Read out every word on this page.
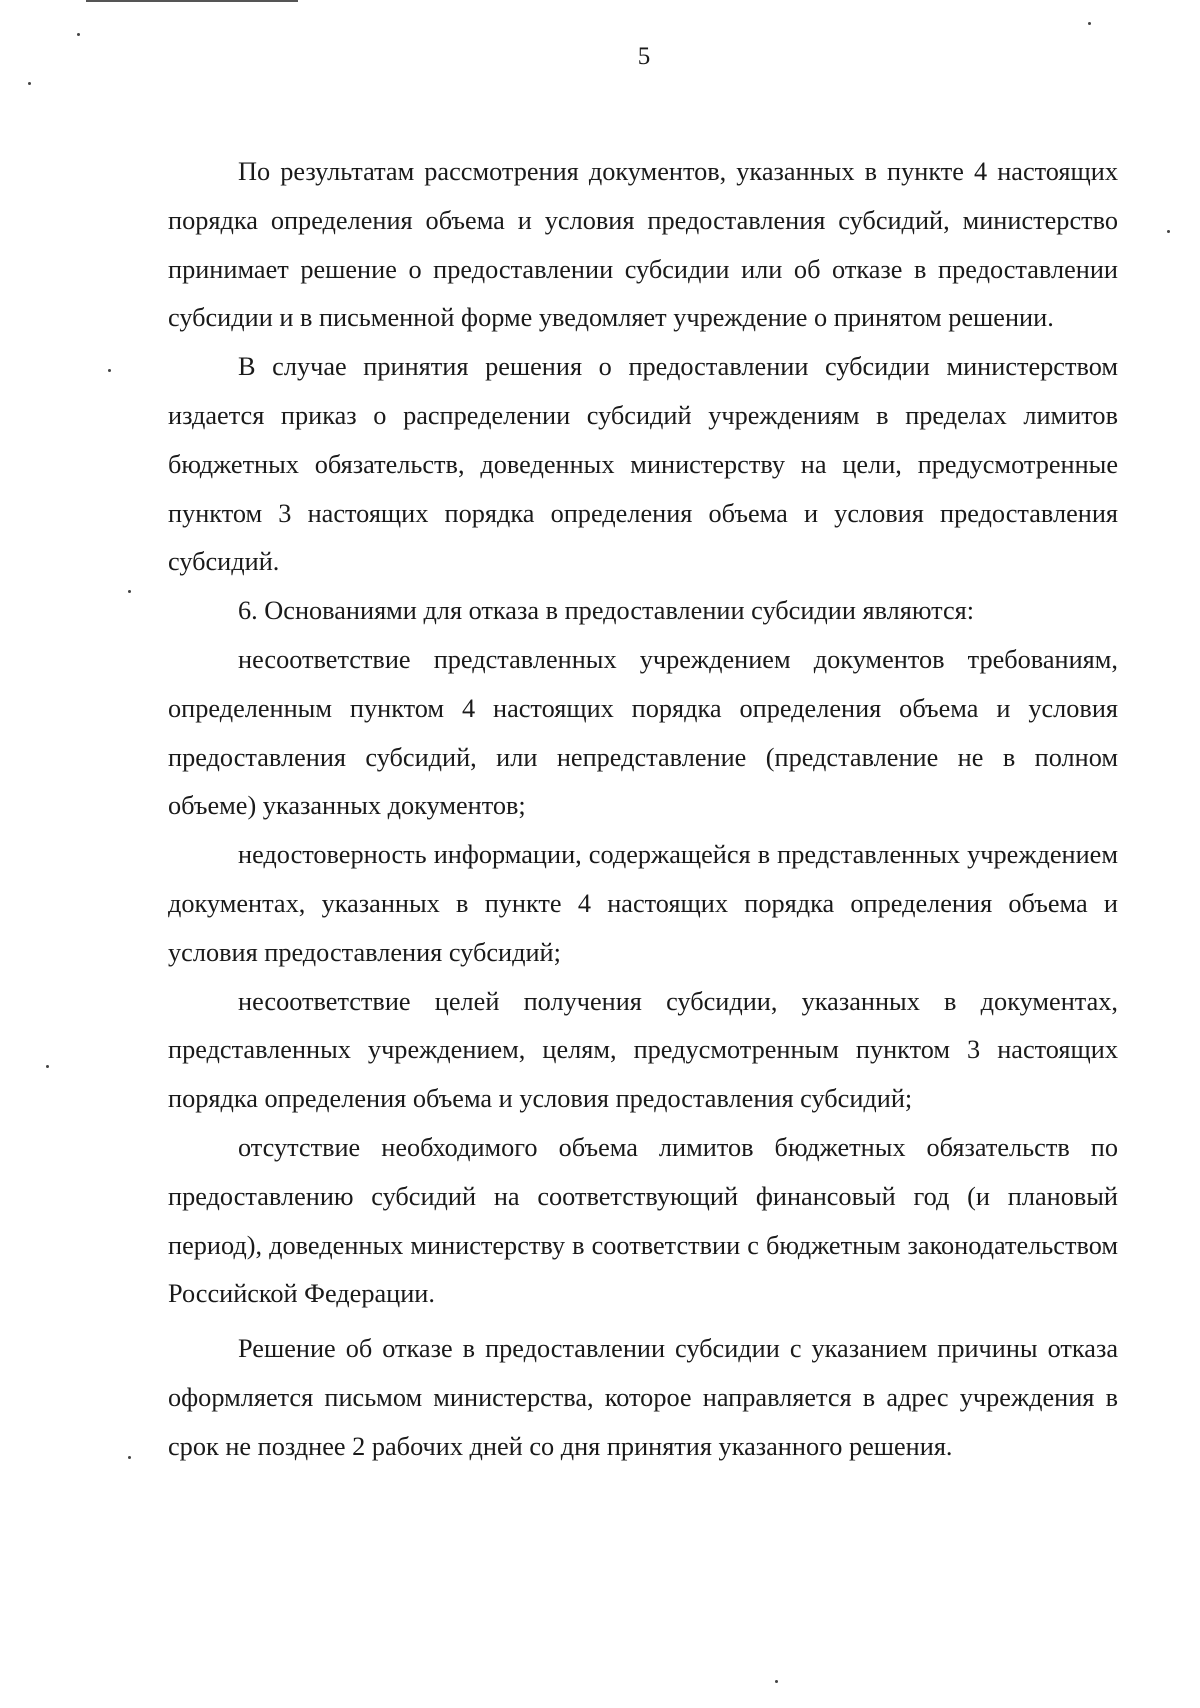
5

По результатам рассмотрения документов, указанных в пункте 4 настоящих порядка определения объема и условия предоставления субсидий, министерство принимает решение о предоставлении субсидии или об отказе в предоставлении субсидии и в письменной форме уведомляет учреждение о принятом решении.

В случае принятия решения о предоставлении субсидии министерством издается приказ о распределении субсидий учреждениям в пределах лимитов бюджетных обязательств, доведенных министерству на цели, предусмотренные пунктом 3 настоящих порядка определения объема и условия предоставления субсидий.

6. Основаниями для отказа в предоставлении субсидии являются:

несоответствие представленных учреждением документов требованиям, определенным пунктом 4 настоящих порядка определения объема и условия предоставления субсидий, или непредставление (представление не в полном объеме) указанных документов;

недостоверность информации, содержащейся в представленных учреждением документах, указанных в пункте 4 настоящих порядка определения объема и условия предоставления субсидий;

несоответствие целей получения субсидии, указанных в документах, представленных учреждением, целям, предусмотренным пунктом 3 настоящих порядка определения объема и условия предоставления субсидий;

отсутствие необходимого объема лимитов бюджетных обязательств по предоставлению субсидий на соответствующий финансовый год (и плановый период), доведенных министерству в соответствии с бюджетным законодательством Российской Федерации.

Решение об отказе в предоставлении субсидии с указанием причины отказа оформляется письмом министерства, которое направляется в адрес учреждения в срок не позднее 2 рабочих дней со дня принятия указанного решения.
